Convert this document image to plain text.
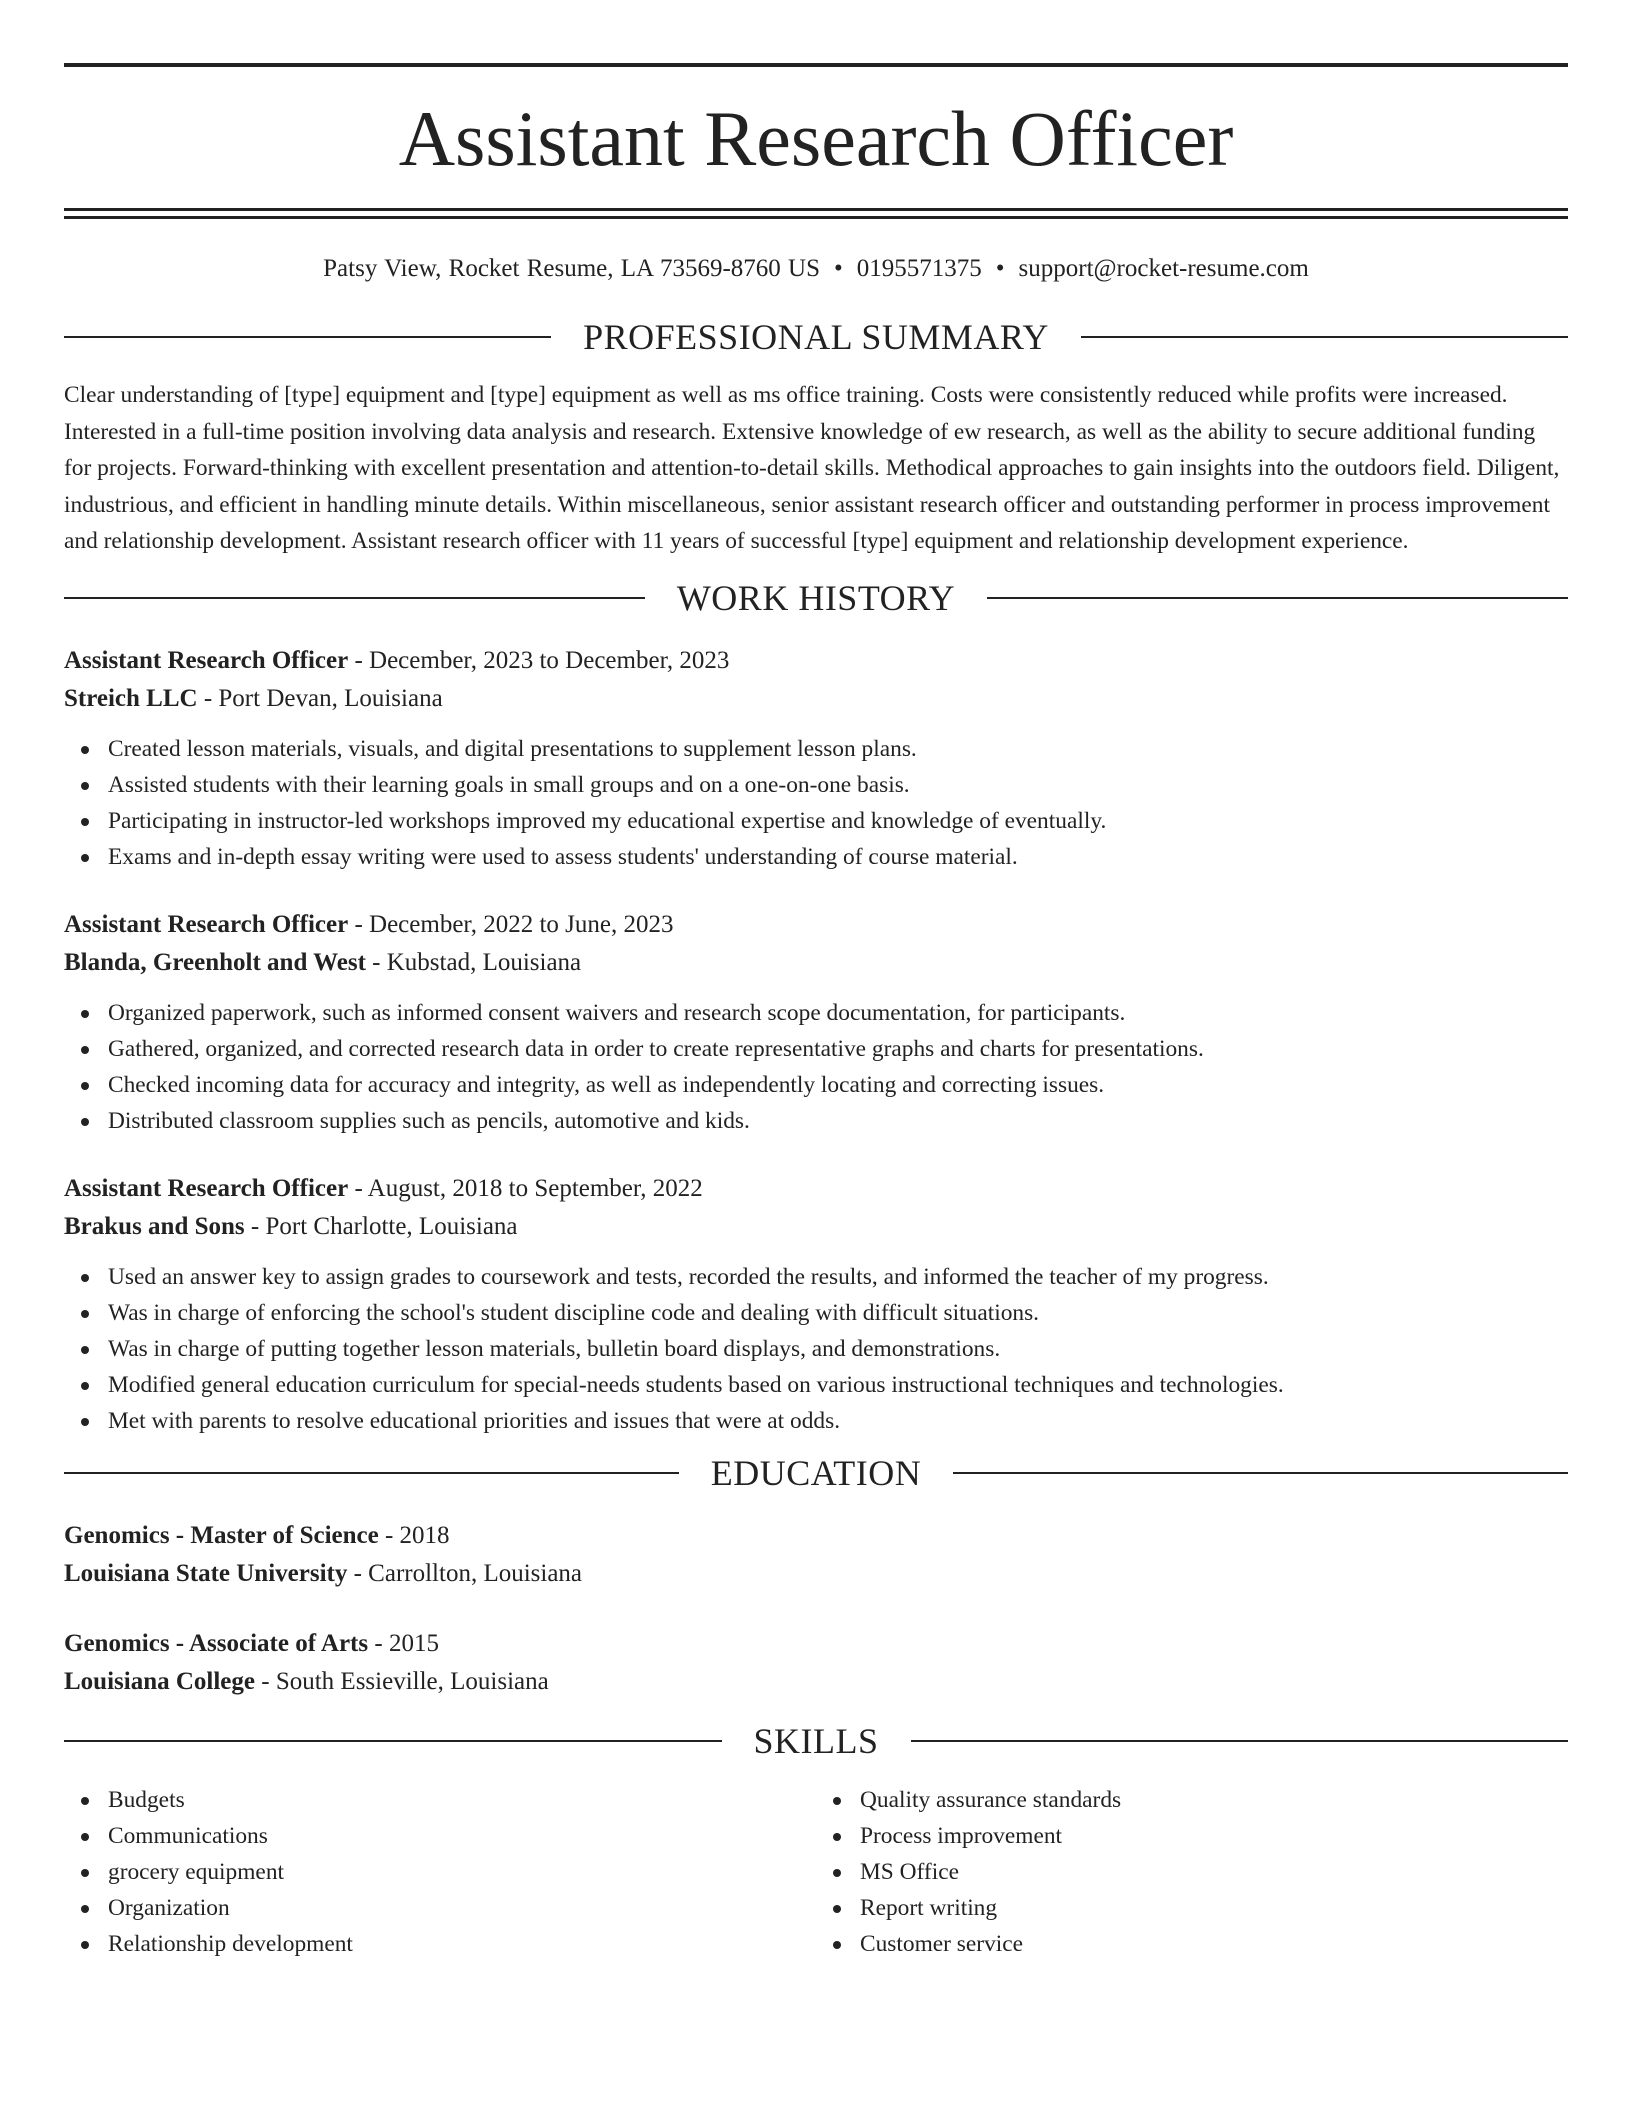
Assistant Research Officer
Patsy View, Rocket Resume, LA 73569-8760 US • 0195571375 • support@rocket-resume.com
PROFESSIONAL SUMMARY

Clear understanding of [type] equipment and [type] equipment as well as ms office training. Costs were consistently reduced while profits were increased. Interested in a full-time position involving data analysis and research. Extensive knowledge of ew research, as well as the ability to secure additional funding for projects. Forward-thinking with excellent presentation and attention-to-detail skills. Methodical approaches to gain insights into the outdoors field. Diligent, industrious, and efficient in handling minute details. Within miscellaneous, senior assistant research officer and outstanding performer in process improvement and relationship development. Assistant research officer with 11 years of successful [type] equipment and relationship development experience.

WORK HISTORY
Assistant Research Officer - December, 2023 to December, 2023
Streich LLC - Port Devan, Louisiana
Created lesson materials, visuals, and digital presentations to supplement lesson plans.
Assisted students with their learning goals in small groups and on a one-on-one basis.
Participating in instructor-led workshops improved my educational expertise and knowledge of eventually.
Exams and in-depth essay writing were used to assess students' understanding of course material.
Assistant Research Officer - December, 2022 to June, 2023
Blanda, Greenholt and West - Kubstad, Louisiana
Organized paperwork, such as informed consent waivers and research scope documentation, for participants.
Gathered, organized, and corrected research data in order to create representative graphs and charts for presentations.
Checked incoming data for accuracy and integrity, as well as independently locating and correcting issues.
Distributed classroom supplies such as pencils, automotive and kids.
Assistant Research Officer - August, 2018 to September, 2022
Brakus and Sons - Port Charlotte, Louisiana
Used an answer key to assign grades to coursework and tests, recorded the results, and informed the teacher of my progress.
Was in charge of enforcing the school's student discipline code and dealing with difficult situations.
Was in charge of putting together lesson materials, bulletin board displays, and demonstrations.
Modified general education curriculum for special-needs students based on various instructional techniques and technologies.
Met with parents to resolve educational priorities and issues that were at odds.
EDUCATION
Genomics - Master of Science - 2018
Louisiana State University - Carrollton, Louisiana
Genomics - Associate of Arts - 2015
Louisiana College - South Essieville, Louisiana
SKILLS
Budgets
Communications
grocery equipment
Organization
Relationship development
Quality assurance standards
Process improvement
MS Office
Report writing
Customer service
